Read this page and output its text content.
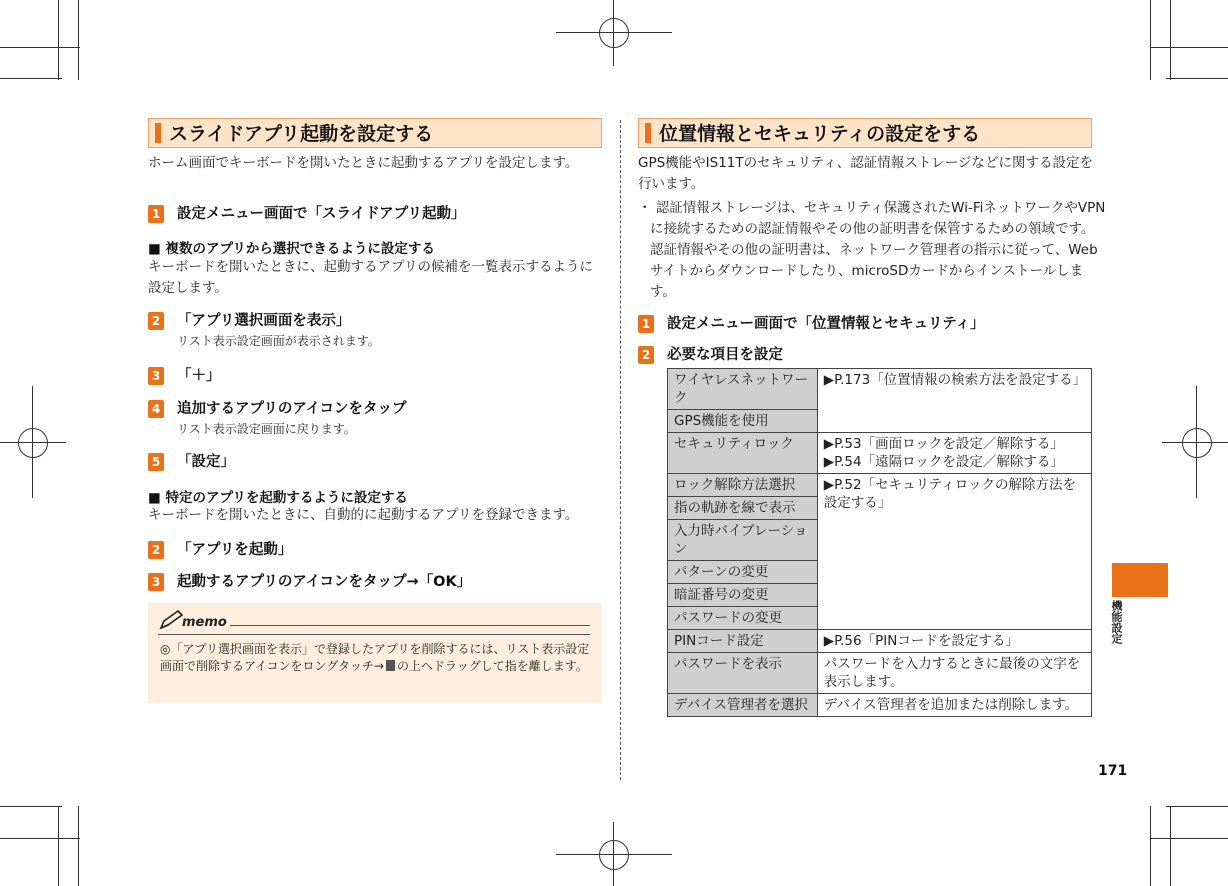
スライドアプリ起動を設定する
ホーム画面でキーボードを開いたときに起動するアプリを設定します。
1 設定メニュー画面で「スライドアプリ起動」
■ 複数のアプリから選択できるように設定する
キーボードを開いたときに、起動するアプリの候補を一覧表示するように設定します。
2 「アプリ選択画面を表示」
リスト表示設定画面が表示されます。
3 「＋」
4 追加するアプリのアイコンをタップ
リスト表示設定画面に戻ります。
5 「設定」
■ 特定のアプリを起動するように設定する
キーボードを開いたときに、自動的に起動するアプリを登録できます。
2 「アプリを起動」
3 起動するアプリのアイコンをタップ→「OK」
memo
◎「アプリ選択画面を表示」で登録したアプリを削除するには、リスト表示設定画面で削除するアイコンをロングタッチ→ の上へドラッグして指を離します。
位置情報とセキュリティの設定をする
GPS機能やIS11Tのセキュリティ、認証情報ストレージなどに関する設定を行います。
・ 認証情報ストレージは、セキュリティ保護されたWi-FiネットワークやVPNに接続するための認証情報やその他の証明書を保管するための領域です。認証情報やその他の証明書は、ネットワーク管理者の指示に従って、Webサイトからダウンロードしたり、microSDカードからインストールします。
1 設定メニュー画面で「位置情報とセキュリティ」
2 必要な項目を設定
ワイヤレスネットワーク	▶P.173「位置情報の検索方法を設定する」
GPS機能を使用	
セキュリティロック	▶P.53「画面ロックを設定／解除する」
▶P.54「遠隔ロックを設定／解除する」

ロック解除方法選択	▶P.52「セキュリティロックの解除方法を設定する」
指の軌跡を線で表示	
入力時バイブレーション	
パターンの変更	
暗証番号の変更	
パスワードの変更	
PINコード設定	▶P.56「PINコードを設定する」
パスワードを表示	パスワードを入力するときに最後の文字を表示します。
デバイス管理者を選択	デバイス管理者を追加または削除します。
機能設定
171
